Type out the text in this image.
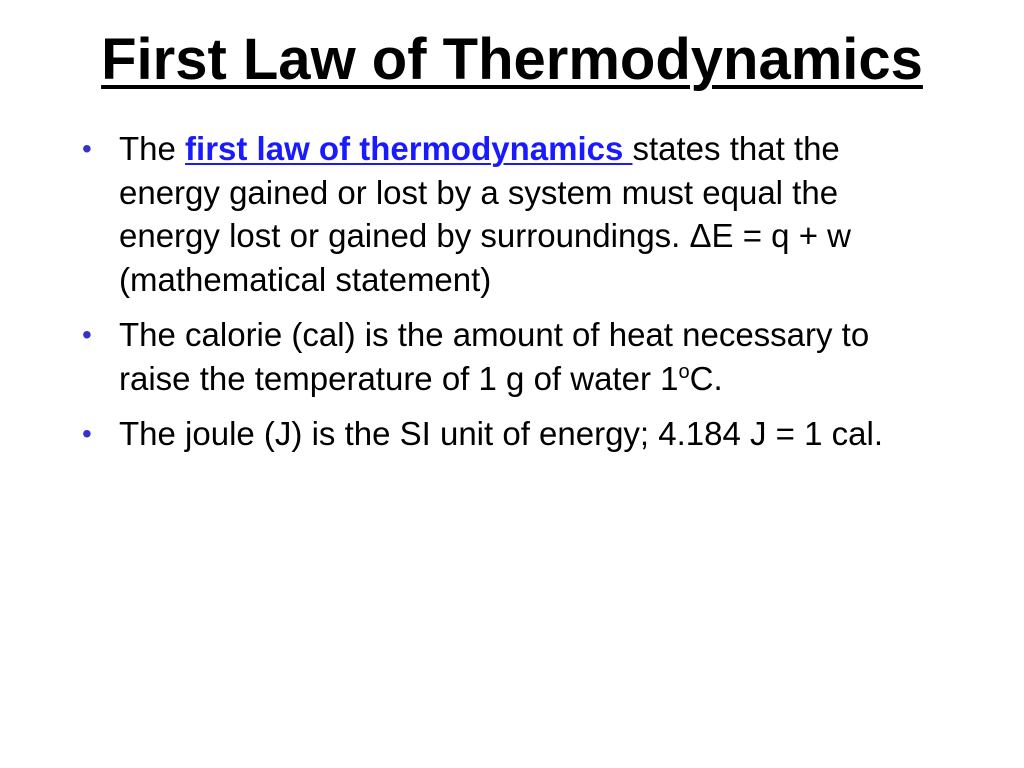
First Law of Thermodynamics
• The first law of thermodynamics states that the energy gained or lost by a system must equal the energy lost or gained by surroundings. ΔE = q + w (mathematical statement)
• The calorie (cal) is the amount of heat necessary to raise the temperature of 1 g of water 1$^o$C.
• The joule (J) is the SI unit of energy; 4.184 J = 1 cal.
